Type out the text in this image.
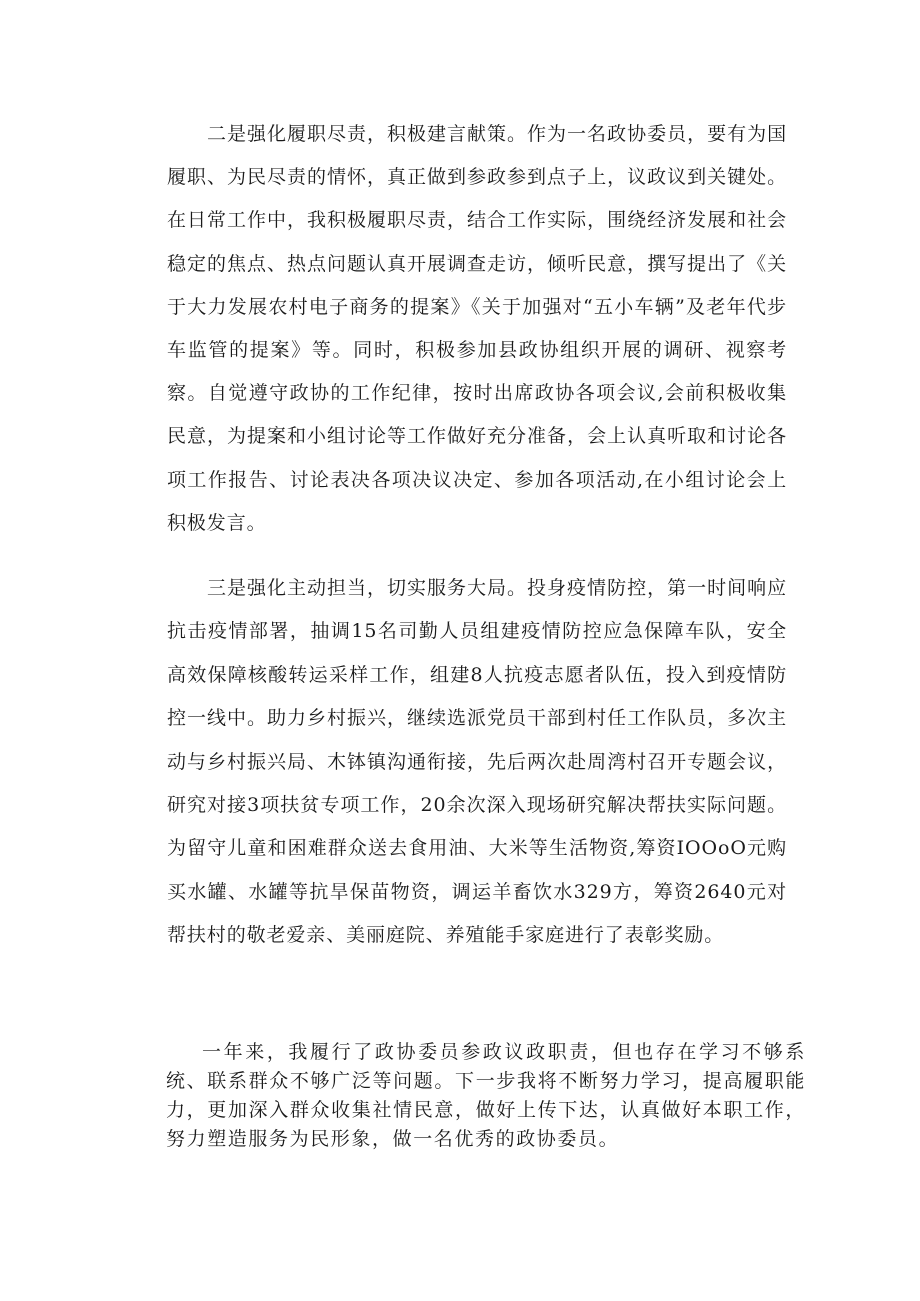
二是强化履职尽责，积极建言献策。作为一名政协委员，要有为国履职、为民尽责的情怀，真正做到参政参到点子上，议政议到关键处。在日常工作中，我积极履职尽责，结合工作实际，围绕经济发展和社会稳定的焦点、热点问题认真开展调查走访，倾听民意，撰写提出了《关于大力发展农村电子商务的提案》《关于加强对“五小车辆”及老年代步车监管的提案》等。同时，积极参加县政协组织开展的调研、视察考察。自觉遵守政协的工作纪律，按时出席政协各项会议,会前积极收集民意，为提案和小组讨论等工作做好充分准备，会上认真听取和讨论各项工作报告、讨论表决各项决议决定、参加各项活动,在小组讨论会上积极发言。

三是强化主动担当，切实服务大局。投身疫情防控，第一时间响应抗击疫情部署，抽调15名司勤人员组建疫情防控应急保障车队，安全高效保障核酸转运采样工作，组建8人抗疫志愿者队伍，投入到疫情防控一线中。助力乡村振兴，继续选派党员干部到村任工作队员，多次主动与乡村振兴局、木钵镇沟通衔接，先后两次赴周湾村召开专题会议，研究对接3项扶贫专项工作，20余次深入现场研究解决帮扶实际问题。为留守儿童和困难群众送去食用油、大米等生活物资,筹资IOOoO元购买水罐、水罐等抗旱保苗物资，调运羊畜饮水329方，筹资2640元对帮扶村的敬老爱亲、美丽庭院、养殖能手家庭进行了表彰奖励。

一年来，我履行了政协委员参政议政职责，但也存在学习不够系统、联系群众不够广泛等问题。下一步我将不断努力学习，提高履职能力，更加深入群众收集社情民意，做好上传下达，认真做好本职工作，努力塑造服务为民形象，做一名优秀的政协委员。
